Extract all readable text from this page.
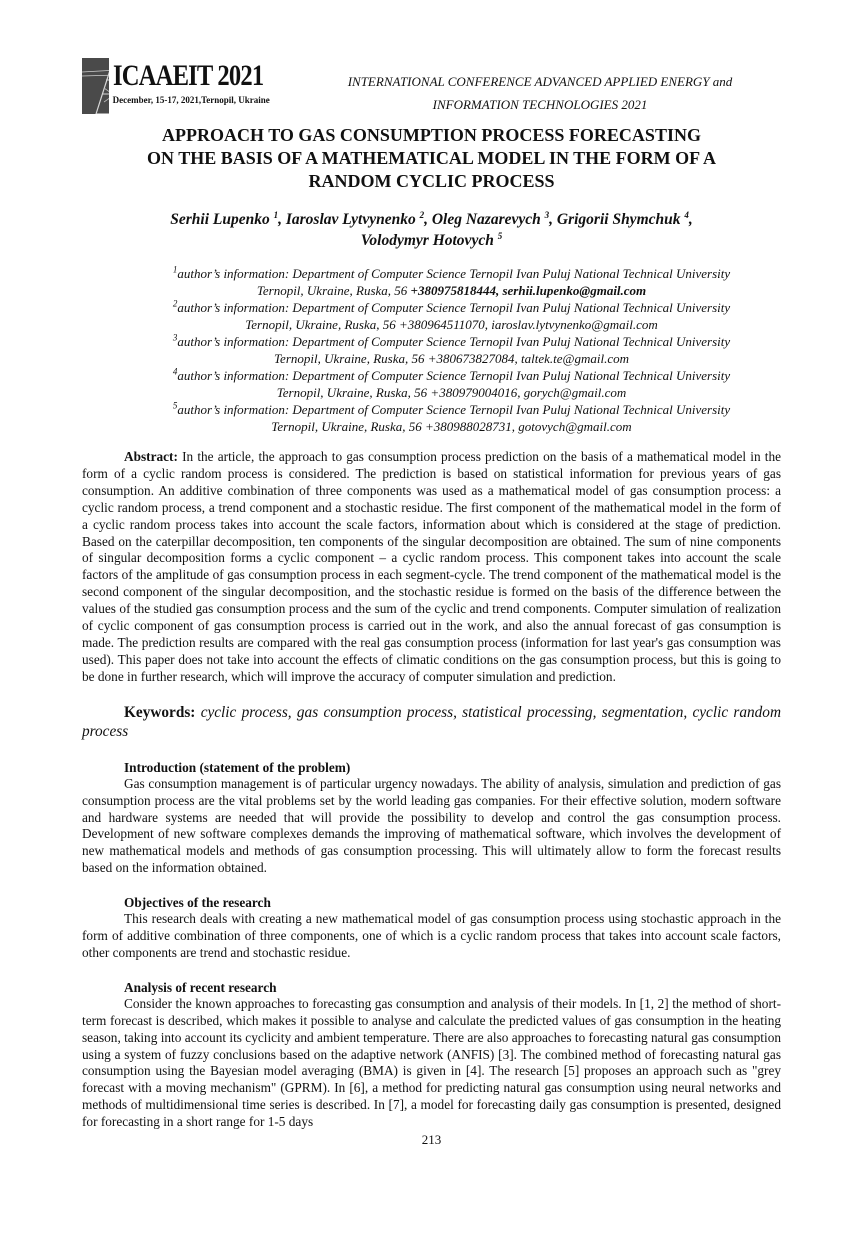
ICAAEIT 2021
December, 15-17, 2021,Ternopil, Ukraine
INTERNATIONAL CONFERENCE ADVANCED APPLIED ENERGY and
INFORMATION TECHNOLOGIES 2021
APPROACH TO GAS CONSUMPTION PROCESS FORECASTING
ON THE BASIS OF A MATHEMATICAL MODEL IN THE FORM OF A
RANDOM CYCLIC PROCESS
Serhii Lupenko $^1$, Iaroslav Lytvynenko $^2$, Oleg Nazarevych $^3$, Grigorii Shymchuk $^4$,
Volodymyr Hotovych $^5$
$^1$author’s information: Department of Computer Science Ternopil Ivan Puluj National Technical University
Ternopil, Ukraine, Ruska, 56 +380975818444, serhii.lupenko@gmail.com
$^2$author’s information: Department of Computer Science Ternopil Ivan Puluj National Technical University
Ternopil, Ukraine, Ruska, 56 +380964511070, iaroslav.lytvynenko@gmail.com
$^3$author’s information: Department of Computer Science Ternopil Ivan Puluj National Technical University
Ternopil, Ukraine, Ruska, 56 +380673827084, taltek.te@gmail.com
$^4$author’s information: Department of Computer Science Ternopil Ivan Puluj National Technical University
Ternopil, Ukraine, Ruska, 56 +380979004016, gorych@gmail.com
$^5$author’s information: Department of Computer Science Ternopil Ivan Puluj National Technical University
Ternopil, Ukraine, Ruska, 56 +380988028731, gotovych@gmail.com
Abstract: In the article, the approach to gas consumption process prediction on the basis of a mathematical model in the form of a cyclic random process is considered. The prediction is based on statistical information for previous years of gas consumption. An additive combination of three components was used as a mathematical model of gas consumption process: a cyclic random process, a trend component and a stochastic residue. The first component of the mathematical model in the form of a cyclic random process takes into account the scale factors, information about which is considered at the stage of prediction. Based on the caterpillar decomposition, ten components of the singular decomposition are obtained. The sum of nine components of singular decomposition forms a cyclic component – a cyclic random process. This component takes into account the scale factors of the amplitude of gas consumption process in each segment-cycle. The trend component of the mathematical model is the second component of the singular decomposition, and the stochastic residue is formed on the basis of the difference between the values of the studied gas consumption process and the sum of the cyclic and trend components. Computer simulation of realization of cyclic component of gas consumption process is carried out in the work, and also the annual forecast of gas consumption is made. The prediction results are compared with the real gas consumption process (information for last year's gas consumption was used). This paper does not take into account the effects of climatic conditions on the gas consumption process, but this is going to be done in further research, which will improve the accuracy of computer simulation and prediction.
Keywords: cyclic process, gas consumption process, statistical processing, segmentation, cyclic random process
Introduction (statement of the problem)
Gas consumption management is of particular urgency nowadays. The ability of analysis, simulation and prediction of gas consumption process are the vital problems set by the world leading gas companies. For their effective solution, modern software and hardware systems are needed that will provide the possibility to develop and control the gas consumption process. Development of new software complexes demands the improving of mathematical software, which involves the development of new mathematical models and methods of gas consumption processing. This will ultimately allow to form the forecast results based on the information obtained.
Objectives of the research
This research deals with creating a new mathematical model of gas consumption process using stochastic approach in the form of additive combination of three components, one of which is a cyclic random process that takes into account scale factors, other components are trend and stochastic residue.
Analysis of recent research
Consider the known approaches to forecasting gas consumption and analysis of their models. In [1, 2] the method of short-term forecast is described, which makes it possible to analyse and calculate the predicted values of gas consumption in the heating season, taking into account its cyclicity and ambient temperature. There are also approaches to forecasting natural gas consumption using a system of fuzzy conclusions based on the adaptive network (ANFIS) [3]. The combined method of forecasting natural gas consumption using the Bayesian model averaging (BMA) is given in [4]. The research [5] proposes an approach such as "grey forecast with a moving mechanism" (GPRM). In [6], a method for predicting natural gas consumption using neural networks and methods of multidimensional time series is described. In [7], a model for forecasting daily gas consumption is presented, designed for forecasting in a short range for 1-5 days
213
